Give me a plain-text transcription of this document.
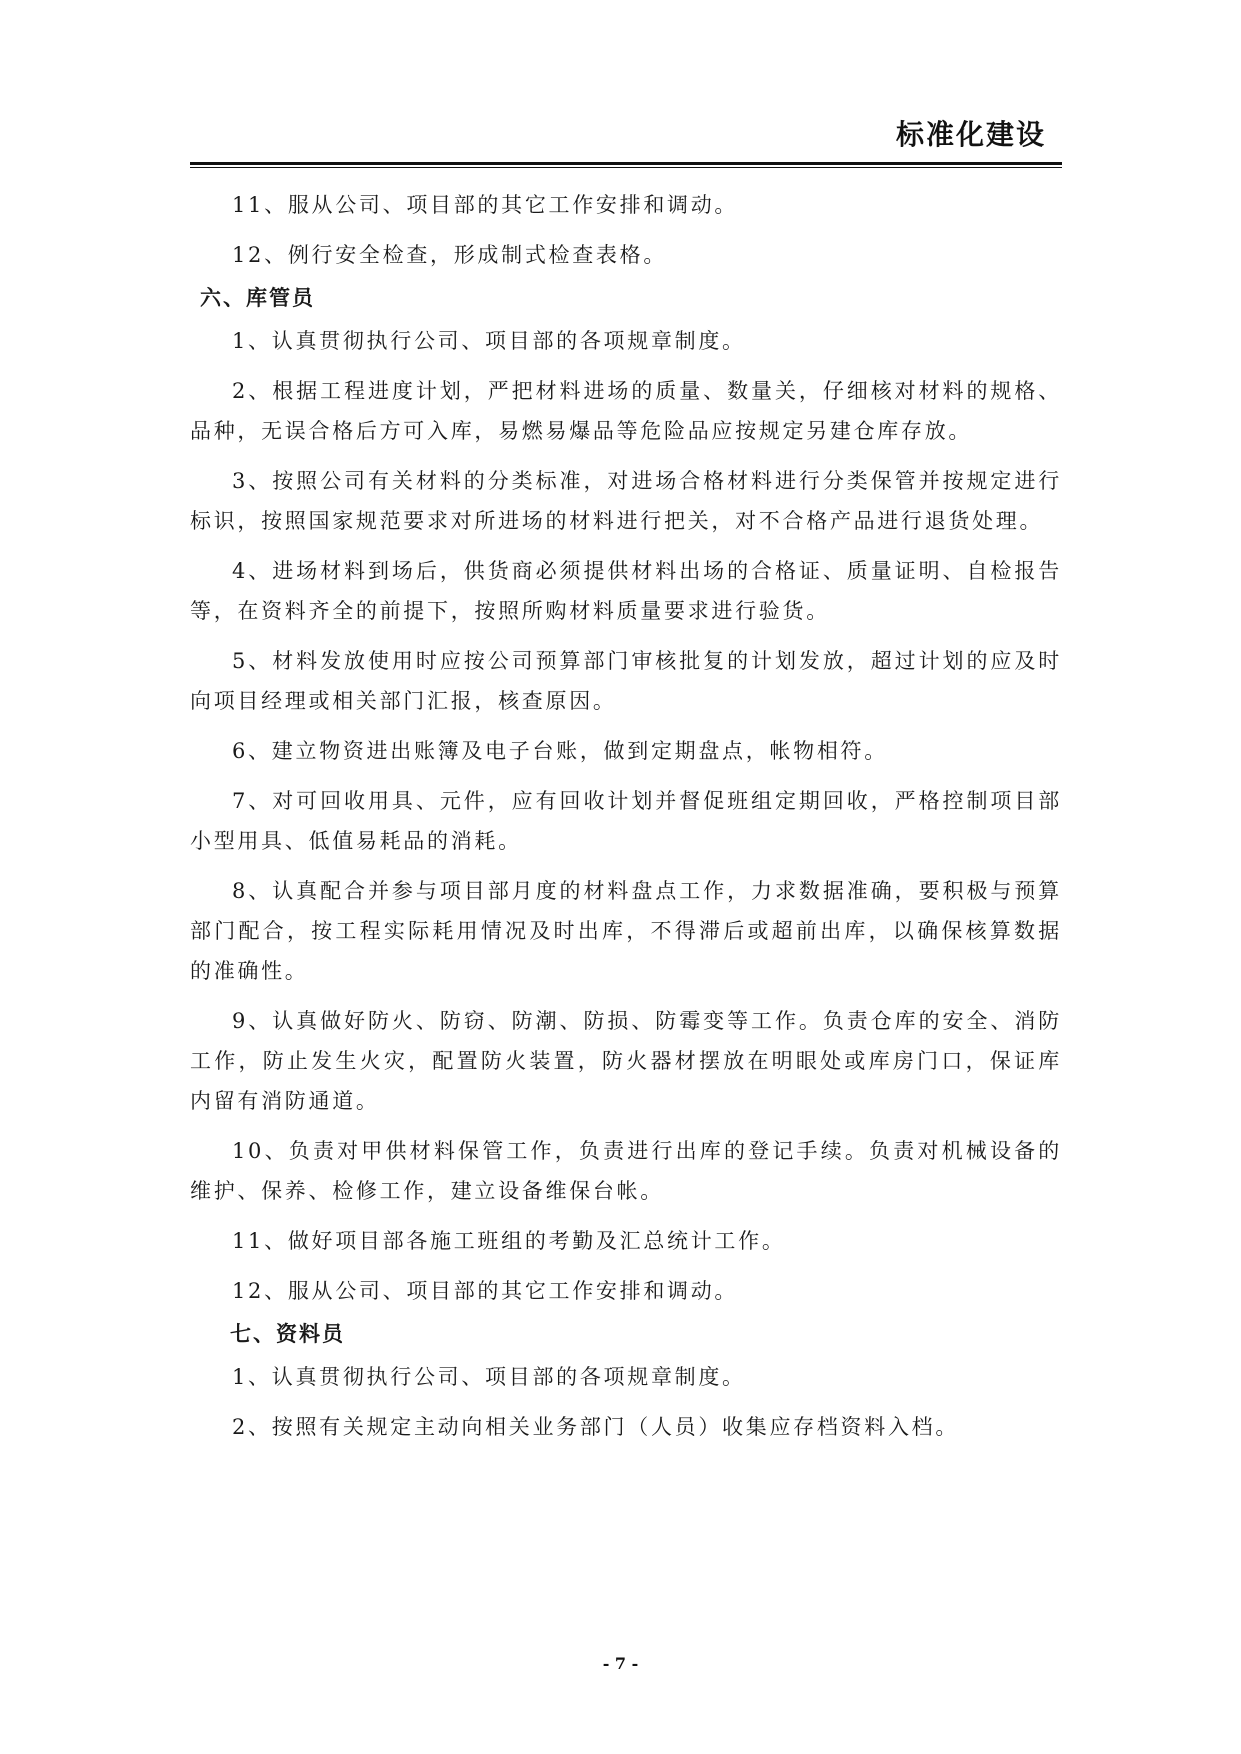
标准化建设

11、服从公司、项目部的其它工作安排和调动。

12、例行安全检查，形成制式检查表格。

六、库管员

1、认真贯彻执行公司、项目部的各项规章制度。

2、根据工程进度计划，严把材料进场的质量、数量关，仔细核对材料的规格、品种，无误合格后方可入库，易燃易爆品等危险品应按规定另建仓库存放。

3、按照公司有关材料的分类标准，对进场合格材料进行分类保管并按规定进行标识，按照国家规范要求对所进场的材料进行把关，对不合格产品进行退货处理。

4、进场材料到场后，供货商必须提供材料出场的合格证、质量证明、自检报告等，在资料齐全的前提下，按照所购材料质量要求进行验货。

5、材料发放使用时应按公司预算部门审核批复的计划发放，超过计划的应及时向项目经理或相关部门汇报，核查原因。

6、建立物资进出账簿及电子台账，做到定期盘点，帐物相符。

7、对可回收用具、元件，应有回收计划并督促班组定期回收，严格控制项目部小型用具、低值易耗品的消耗。

8、认真配合并参与项目部月度的材料盘点工作，力求数据准确，要积极与预算部门配合，按工程实际耗用情况及时出库，不得滞后或超前出库，以确保核算数据的准确性。

9、认真做好防火、防窃、防潮、防损、防霉变等工作。负责仓库的安全、消防工作，防止发生火灾，配置防火装置，防火器材摆放在明眼处或库房门口，保证库内留有消防通道。

10、负责对甲供材料保管工作，负责进行出库的登记手续。负责对机械设备的维护、保养、检修工作，建立设备维保台帐。

11、做好项目部各施工班组的考勤及汇总统计工作。

12、服从公司、项目部的其它工作安排和调动。

七、资料员

1、认真贯彻执行公司、项目部的各项规章制度。

2、按照有关规定主动向相关业务部门（人员）收集应存档资料入档。

- 7 -
